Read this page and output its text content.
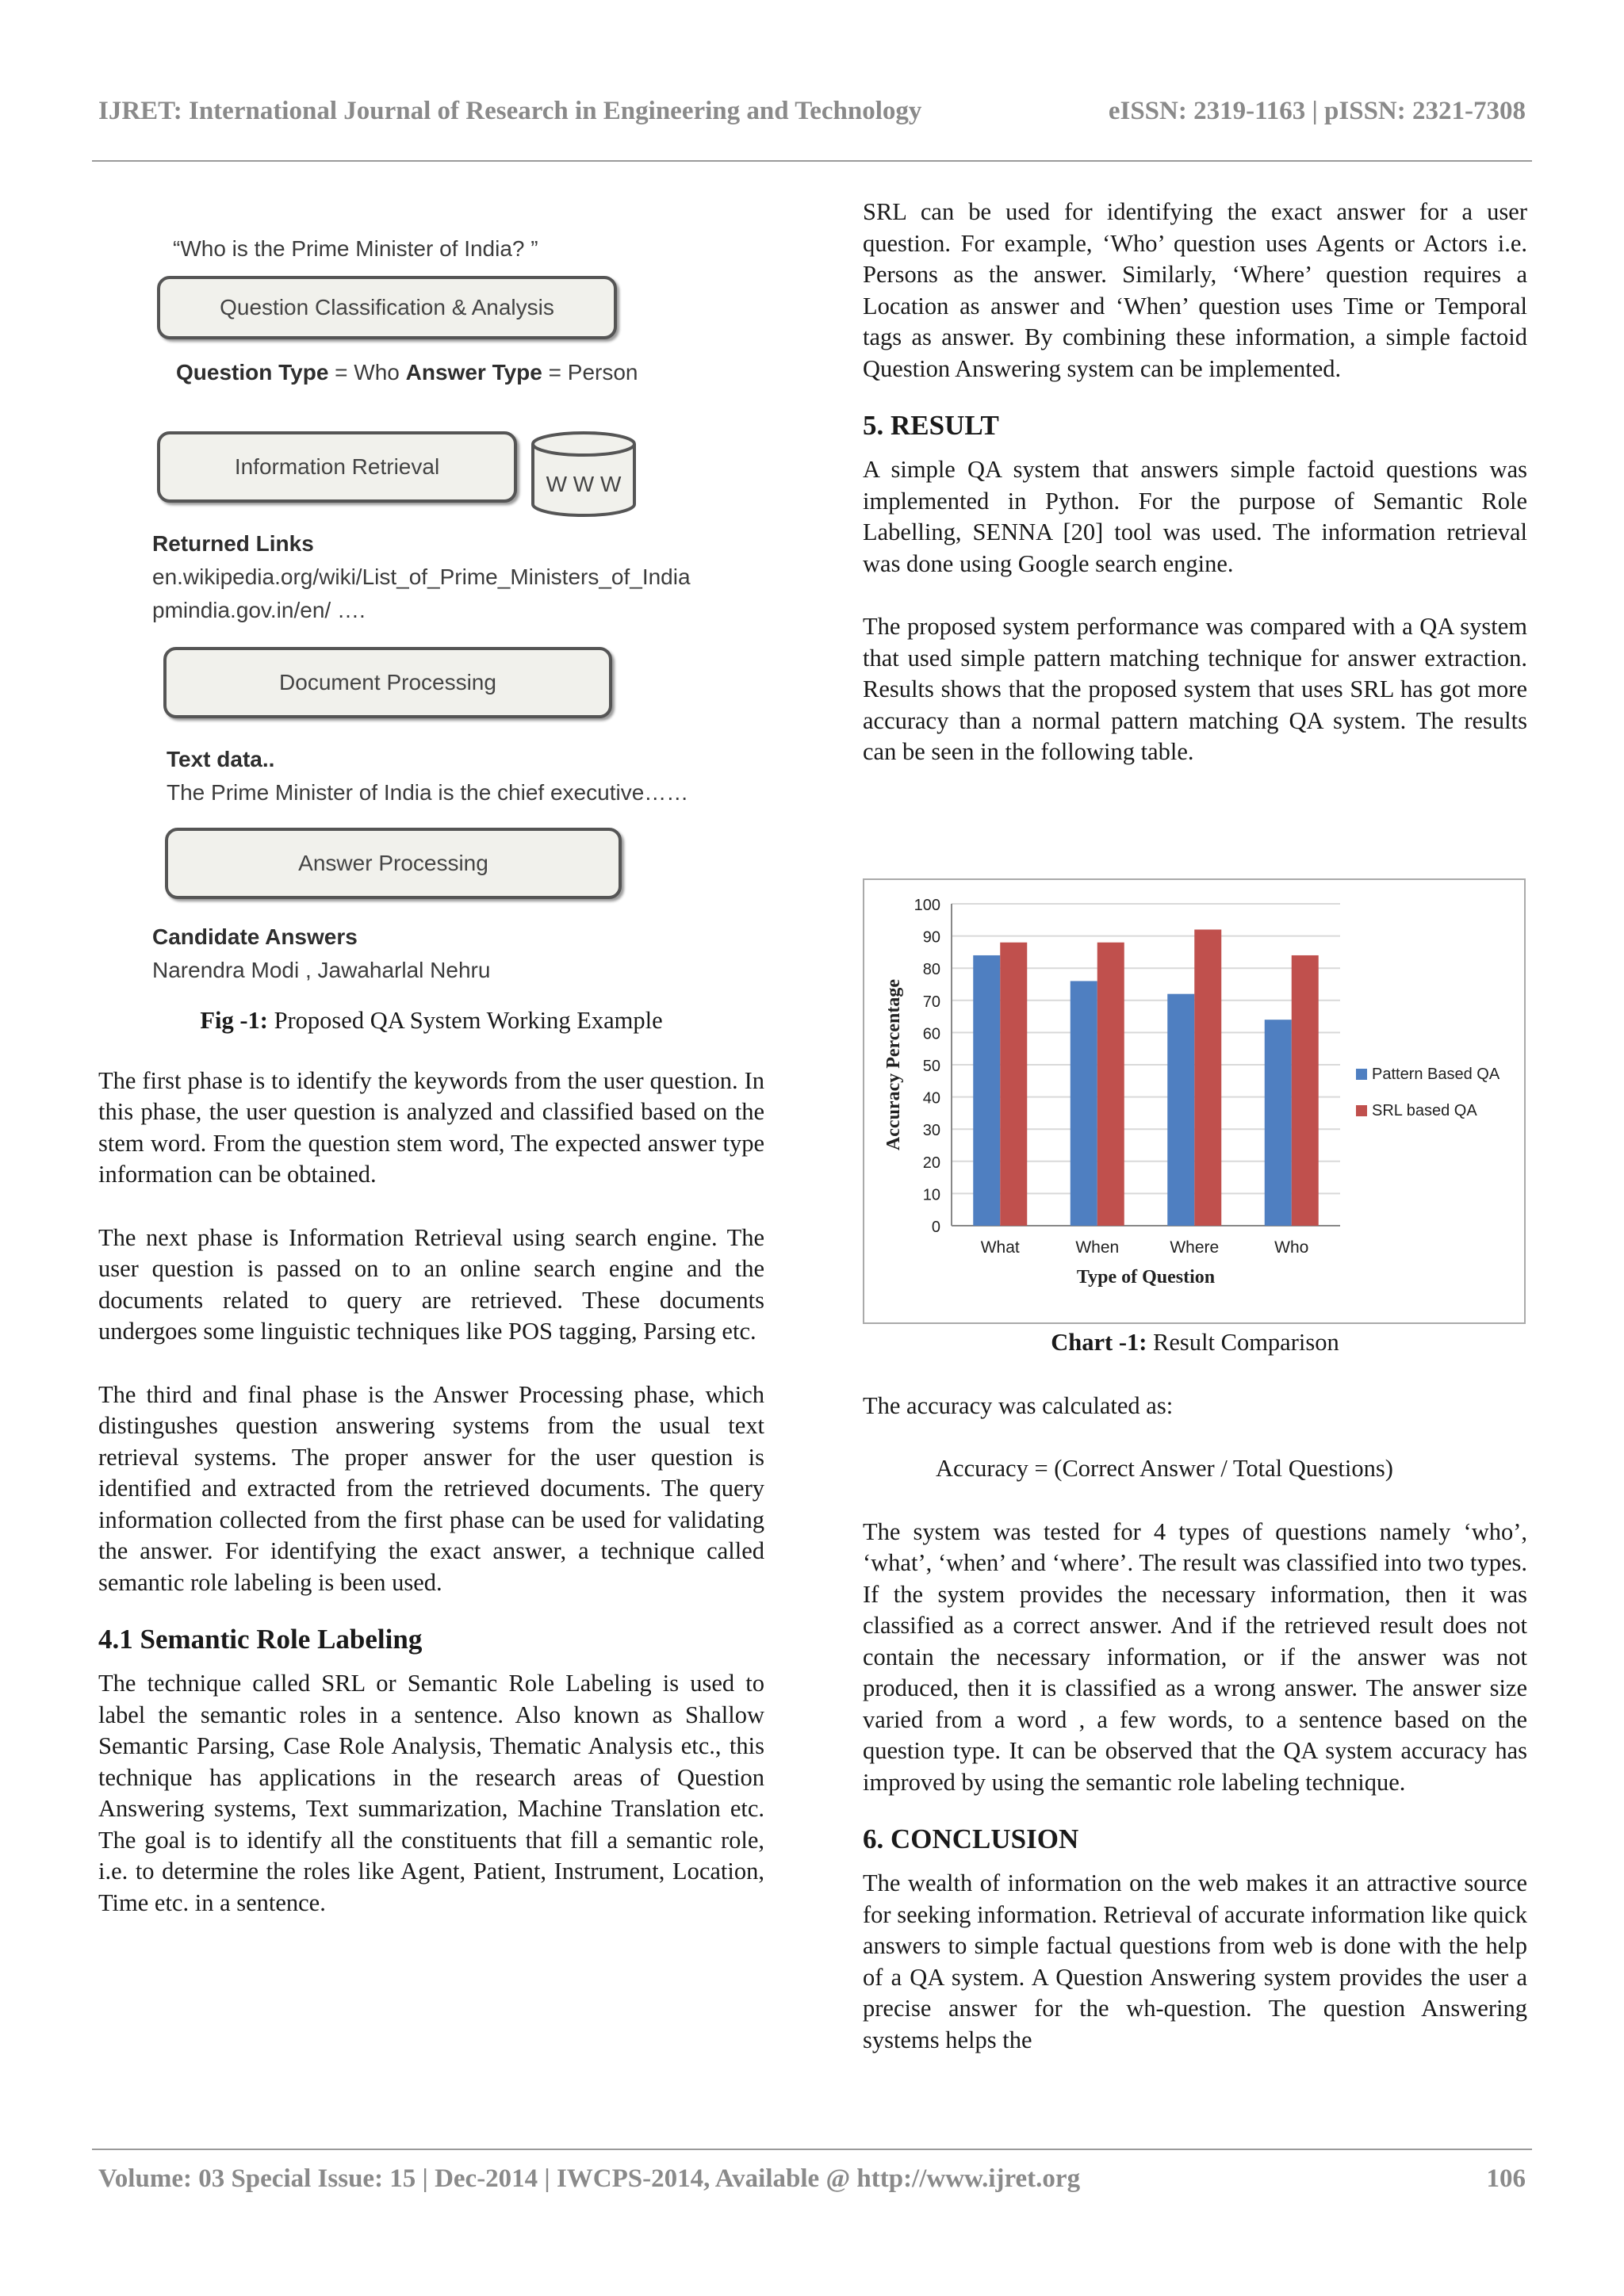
IJRET: International Journal of Research in Engineering and Technology	eISSN: 2319-1163 | pISSN: 2321-7308
“Who is the Prime Minister of India? ”
Question Classification & Analysis
Question Type = Who Answer Type = Person
Information Retrieval
W W W
Returned Links
en.wikipedia.org/wiki/List_of_Prime_Ministers_of_India
pmindia.gov.in/en/ ….
Document Processing
Text data..
The Prime Minister of India is the chief executive……
Answer Processing
Candidate Answers
Narendra Modi , Jawaharlal Nehru

Fig -1: Proposed QA System Working Example

The first phase is to identify the keywords from the user question. In this phase, the user question is analyzed and classified based on the stem word. From the question stem word, The expected answer type information can be obtained.

The next phase is Information Retrieval using search engine. The user question is passed on to an online search engine and the documents related to query are retrieved. These documents undergoes some linguistic techniques like POS tagging, Parsing etc.

The third and final phase is the Answer Processing phase, which distingushes question answering systems from the usual text retrieval systems. The proper answer for the user question is identified and extracted from the retrieved documents. The query information collected from the first phase can be used for validating the answer. For identifying the exact answer, a technique called semantic role labeling is been used.

4.1 Semantic Role Labeling

The technique called SRL or Semantic Role Labeling is used to label the semantic roles in a sentence. Also known as Shallow Semantic Parsing, Case Role Analysis, Thematic Analysis etc., this technique has applications in the research areas of Question Answering systems, Text summarization, Machine Translation etc. The goal is to identify all the constituents that fill a semantic role, i.e. to determine the roles like Agent, Patient, Instrument, Location, Time etc. in a sentence.

SRL can be used for identifying the exact answer for a user question. For example, ‘Who’ question uses Agents or Actors i.e. Persons as the answer. Similarly, ‘Where’ question requires a Location as answer and ‘When’ question uses Time or Temporal tags as answer. By combining these information, a simple factoid Question Answering system can be implemented.

5. RESULT

A simple QA system that answers simple factoid questions was implemented in Python. For the purpose of Semantic Role Labelling, SENNA [20] tool was used. The information retrieval was done using Google search engine.

The proposed system performance was compared with a QA system that used simple pattern matching technique for answer extraction. Results shows that the proposed system that uses SRL has got more accuracy than a normal pattern matching QA system. The results can be seen in the following table.

0
10
20
30
40
50
60
70
80
90
100
What	When	Where	Who
Type of Question
Accuracy Percentage	Pattern Based QA
SRL based QA

Chart -1: Result Comparison

The accuracy was calculated as:

Accuracy = (Correct Answer / Total Questions)

The system was tested for 4 types of questions namely ‘who’, ‘what’, ‘when’ and ‘where’. The result was classified into two types. If the system provides the necessary information, then it was classified as a correct answer. And if the retrieved result does not contain the necessary information, or if the answer was not produced, then it is classified as a wrong answer. The answer size varied from a word , a few words, to a sentence based on the question type. It can be observed that the QA system accuracy has improved by using the semantic role labeling technique.

6. CONCLUSION

The wealth of information on the web makes it an attractive source for seeking information. Retrieval of accurate information like quick answers to simple factual questions from web is done with the help of a QA system. A Question Answering system provides the user a precise answer for the wh-question. The question Answering systems helps the

Volume: 03 Special Issue: 15 | Dec-2014 | IWCPS-2014, Available @ http://www.ijret.org	106
